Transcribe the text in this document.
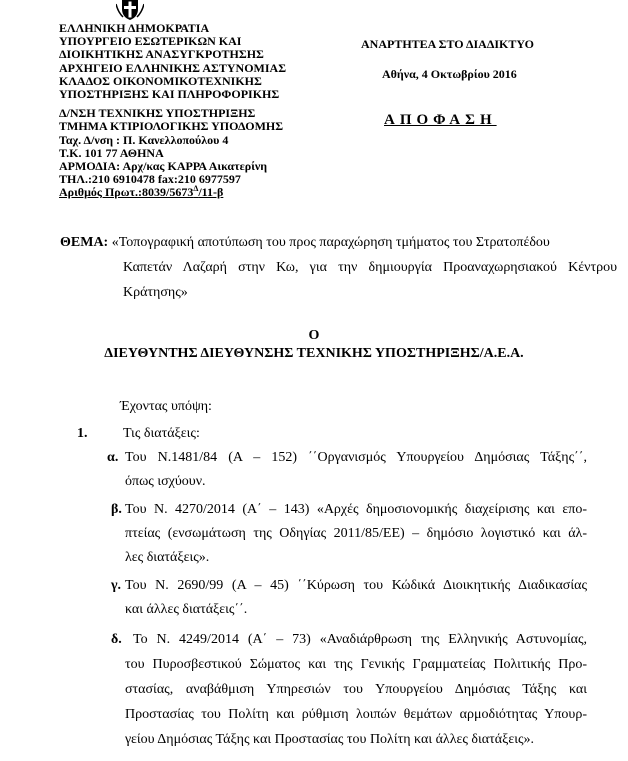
ΕΛΛΗΝΙΚΗ ΔΗΜΟΚΡΑΤΙΑ
ΥΠΟΥΡΓΕΙΟ ΕΣΩΤΕΡΙΚΩΝ ΚΑΙ
ΔΙΟΙΚΗΤΙΚΗΣ ΑΝΑΣΥΓΚΡΟΤΗΣΗΣ
ΑΡΧΗΓΕΙΟ ΕΛΛΗΝΙΚΗΣ ΑΣΤΥΝΟΜΙΑΣ
ΚΛΑΔΟΣ ΟΙΚΟΝΟΜΙΚΟΤΕΧΝΙΚΗΣ
ΥΠΟΣΤΗΡΙΞΗΣ ΚΑΙ ΠΛΗΡΟΦΟΡΙΚΗΣ
Δ/ΝΣΗ ΤΕΧΝΙΚΗΣ ΥΠΟΣΤΗΡΙΞΗΣ
ΤΜΗΜΑ ΚΤΙΡΙΟΛΟΓΙΚΗΣ ΥΠΟΔΟΜΗΣ
Ταχ. Δ/νση : Π. Κανελλοπούλου 4
Τ.Κ. 101 77 ΑΘΗΝΑ
ΑΡΜΟΔΙΑ: Αρχ/κας ΚΑΡΡΑ Αικατερίνη
ΤΗΛ.:210 6910478 fax:210 6977597
Αριθμός $\Pi\rho\omega\tau.:8039/5673^\Delta/11-\beta$
ΑΝΑΡΤΗΤΕΑ ΣΤΟ ΔΙΑΔΙΚΤΥΟ
Αθήνα, 4 Οκτωβρίου 2016
ΑΠΟΦΑΣΗ
ΘΕΜΑ: «Τοπογραφική αποτύπωση του προς παραχώρηση τμήματος του Στρατοπέδου
Καπετάν Λαζαρή στην Κω, για την δημιουργία Προαναχωρησιακού Κέντρου
Κράτησης»
Ο
ΔΙΕΥΘΥΝΤΗΣ ΔΙΕΥΘΥΝΣΗΣ ΤΕΧΝΙΚΗΣ ΥΠΟΣΤΗΡΙΞΗΣ/Α.Ε.Α.
Έχοντας υπόψη:
1.	Τις διατάξεις:
α. Του Ν.1481/84 (Α – 152) ΄΄Οργανισμός Υπουργείου Δημόσιας Τάξης΄΄,
όπως ισχύουν.
β. Του Ν. 4270/2014 (Α΄ – 143) «Αρχές δημοσιονομικής διαχείρισης και επο-
πτείας (ενσωμάτωση της Οδηγίας 2011/85/ΕΕ) – δημόσιο λογιστικό και άλ-
λες διατάξεις».
γ. Του Ν. 2690/99 (Α – 45) ΄΄Κύρωση του Κώδικά Διοικητικής Διαδικασίας
και άλλες διατάξεις΄΄.
δ. Το Ν. 4249/2014 (Α΄ – 73) «Αναδιάρθρωση της Ελληνικής Αστυνομίας,
του Πυροσβεστικού Σώματος και της Γενικής Γραμματείας Πολιτικής Προ-
στασίας, αναβάθμιση Υπηρεσιών του Υπουργείου Δημόσιας Τάξης και
Προστασίας του Πολίτη και ρύθμιση λοιπών θεμάτων αρμοδιότητας Υπουρ-
γείου Δημόσιας Τάξης και Προστασίας του Πολίτη και άλλες διατάξεις».
